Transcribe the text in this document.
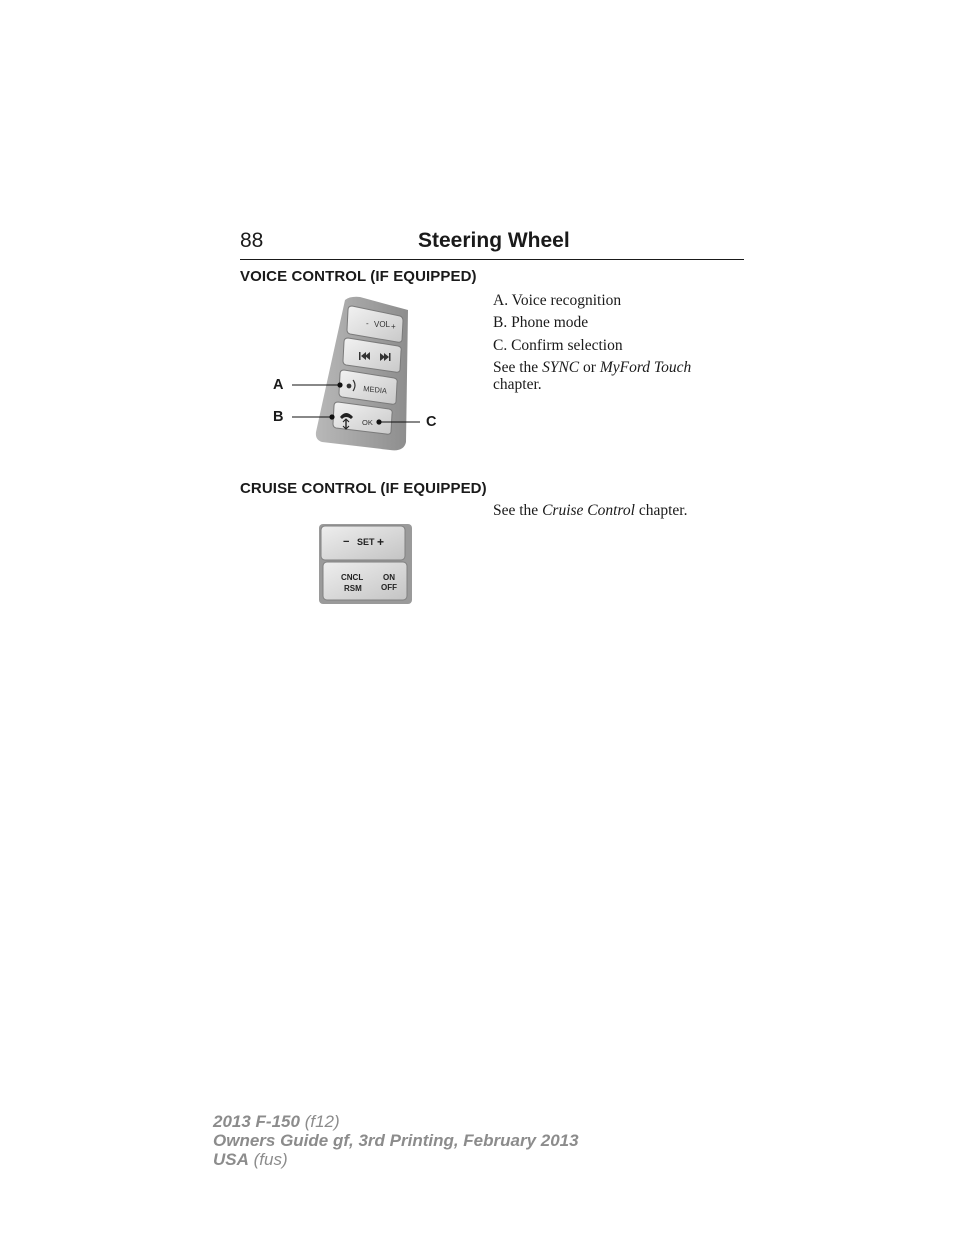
88	Steering Wheel
VOICE CONTROL (IF EQUIPPED)
A. Voice recognition
B. Phone mode
C. Confirm selection
See the SYNC or MyFord Touch
chapter.
- VOL +
MEDIA
OK
A
B	C
CRUISE CONTROL (IF EQUIPPED)
See the Cruise Control chapter.
− SET +
CNCL
RSM
ON
OFF
2013 F-150 (f12)
Owners Guide gf, 3rd Printing, February 2013
USA (fus)
